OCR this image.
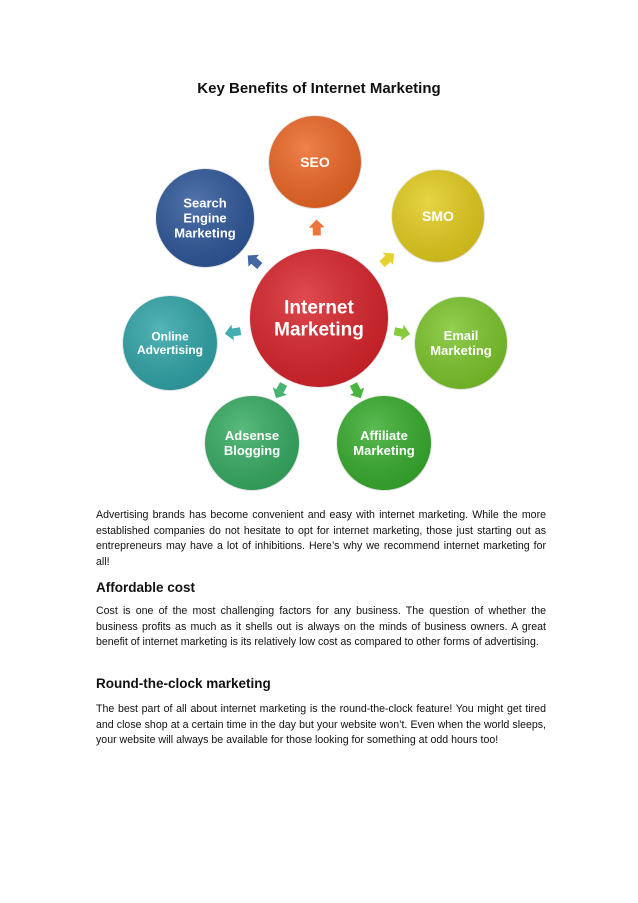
Key Benefits of Internet Marketing
SEO
SMO
Email
Marketing
Affiliate
Marketing
Adsense
Blogging
Online
Advertising
Search
Engine
Marketing
Internet
Marketing

Advertising brands has become convenient and easy with internet marketing. While the more established companies do not hesitate to opt for internet marketing, those just starting out as entrepreneurs may have a lot of inhibitions. Here’s why we recommend internet marketing for all!

Affordable cost

Cost is one of the most challenging factors for any business. The question of whether the business profits as much as it shells out is always on the minds of business owners. A great benefit of internet marketing is its relatively low cost as compared to other forms of advertising.

Round-the-clock marketing

The best part of all about internet marketing is the round-the-clock feature! You might get tired and close shop at a certain time in the day but your website won’t. Even when the world sleeps, your website will always be available for those looking for something at odd hours too!
